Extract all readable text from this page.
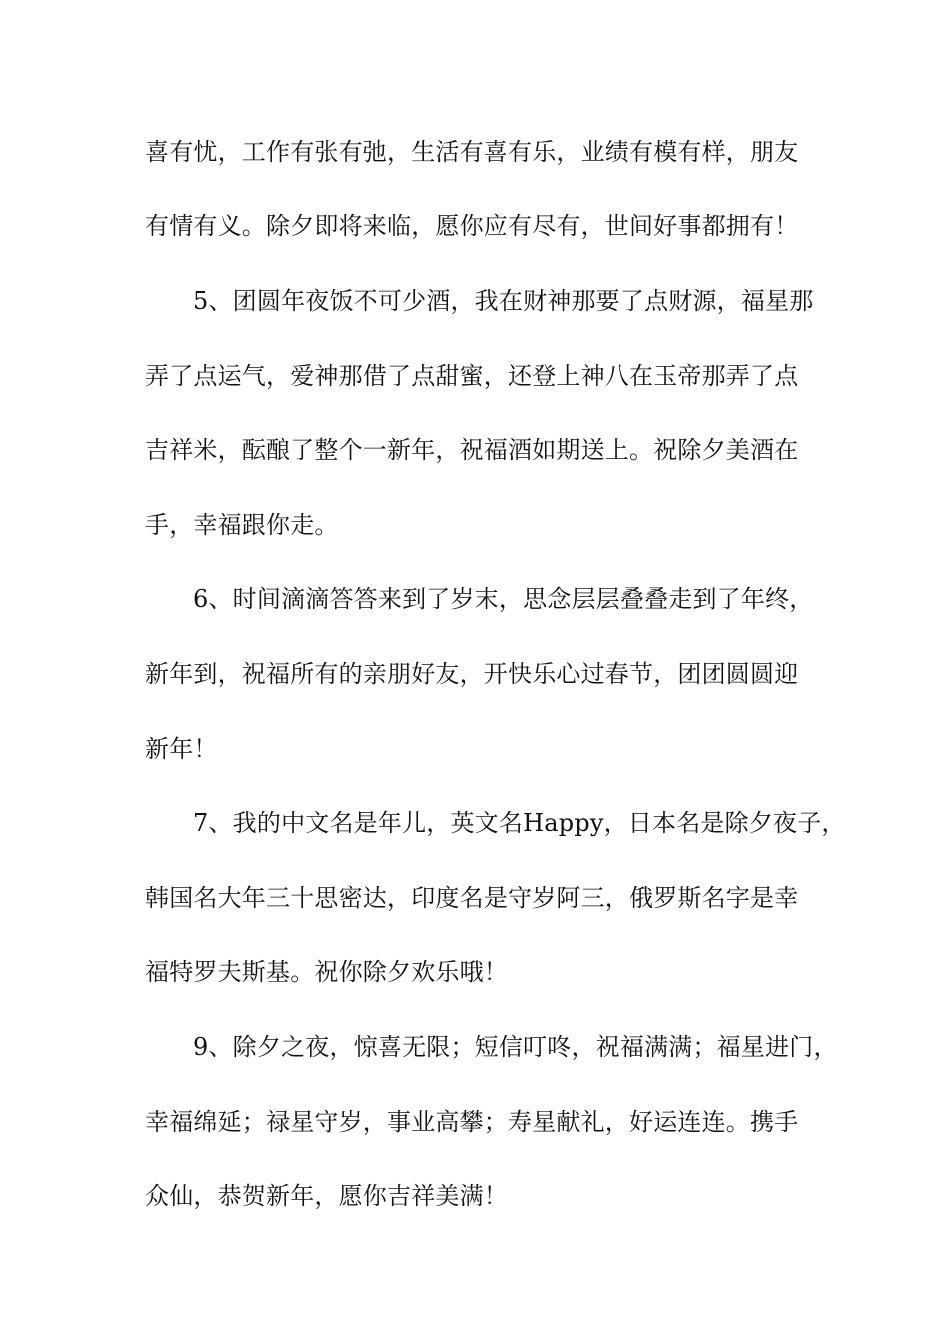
喜有忧，工作有张有弛，生活有喜有乐，业绩有模有样，朋友
有情有义。除夕即将来临，愿你应有尽有，世间好事都拥有！
5、团圆年夜饭不可少酒，我在财神那要了点财源，福星那
弄了点运气，爱神那借了点甜蜜，还登上神八在玉帝那弄了点
吉祥米，酝酿了整个一新年，祝福酒如期送上。祝除夕美酒在
手，幸福跟你走。
6、时间滴滴答答来到了岁末，思念层层叠叠走到了年终，
新年到，祝福所有的亲朋好友，开快乐心过春节，团团圆圆迎
新年！
7、我的中文名是年儿，英文名Happy，日本名是除夕夜子，
韩国名大年三十思密达，印度名是守岁阿三，俄罗斯名字是幸
福特罗夫斯基。祝你除夕欢乐哦！
9、除夕之夜，惊喜无限；短信叮咚，祝福满满；福星进门，
幸福绵延；禄星守岁，事业高攀；寿星献礼，好运连连。携手
众仙，恭贺新年，愿你吉祥美满！
